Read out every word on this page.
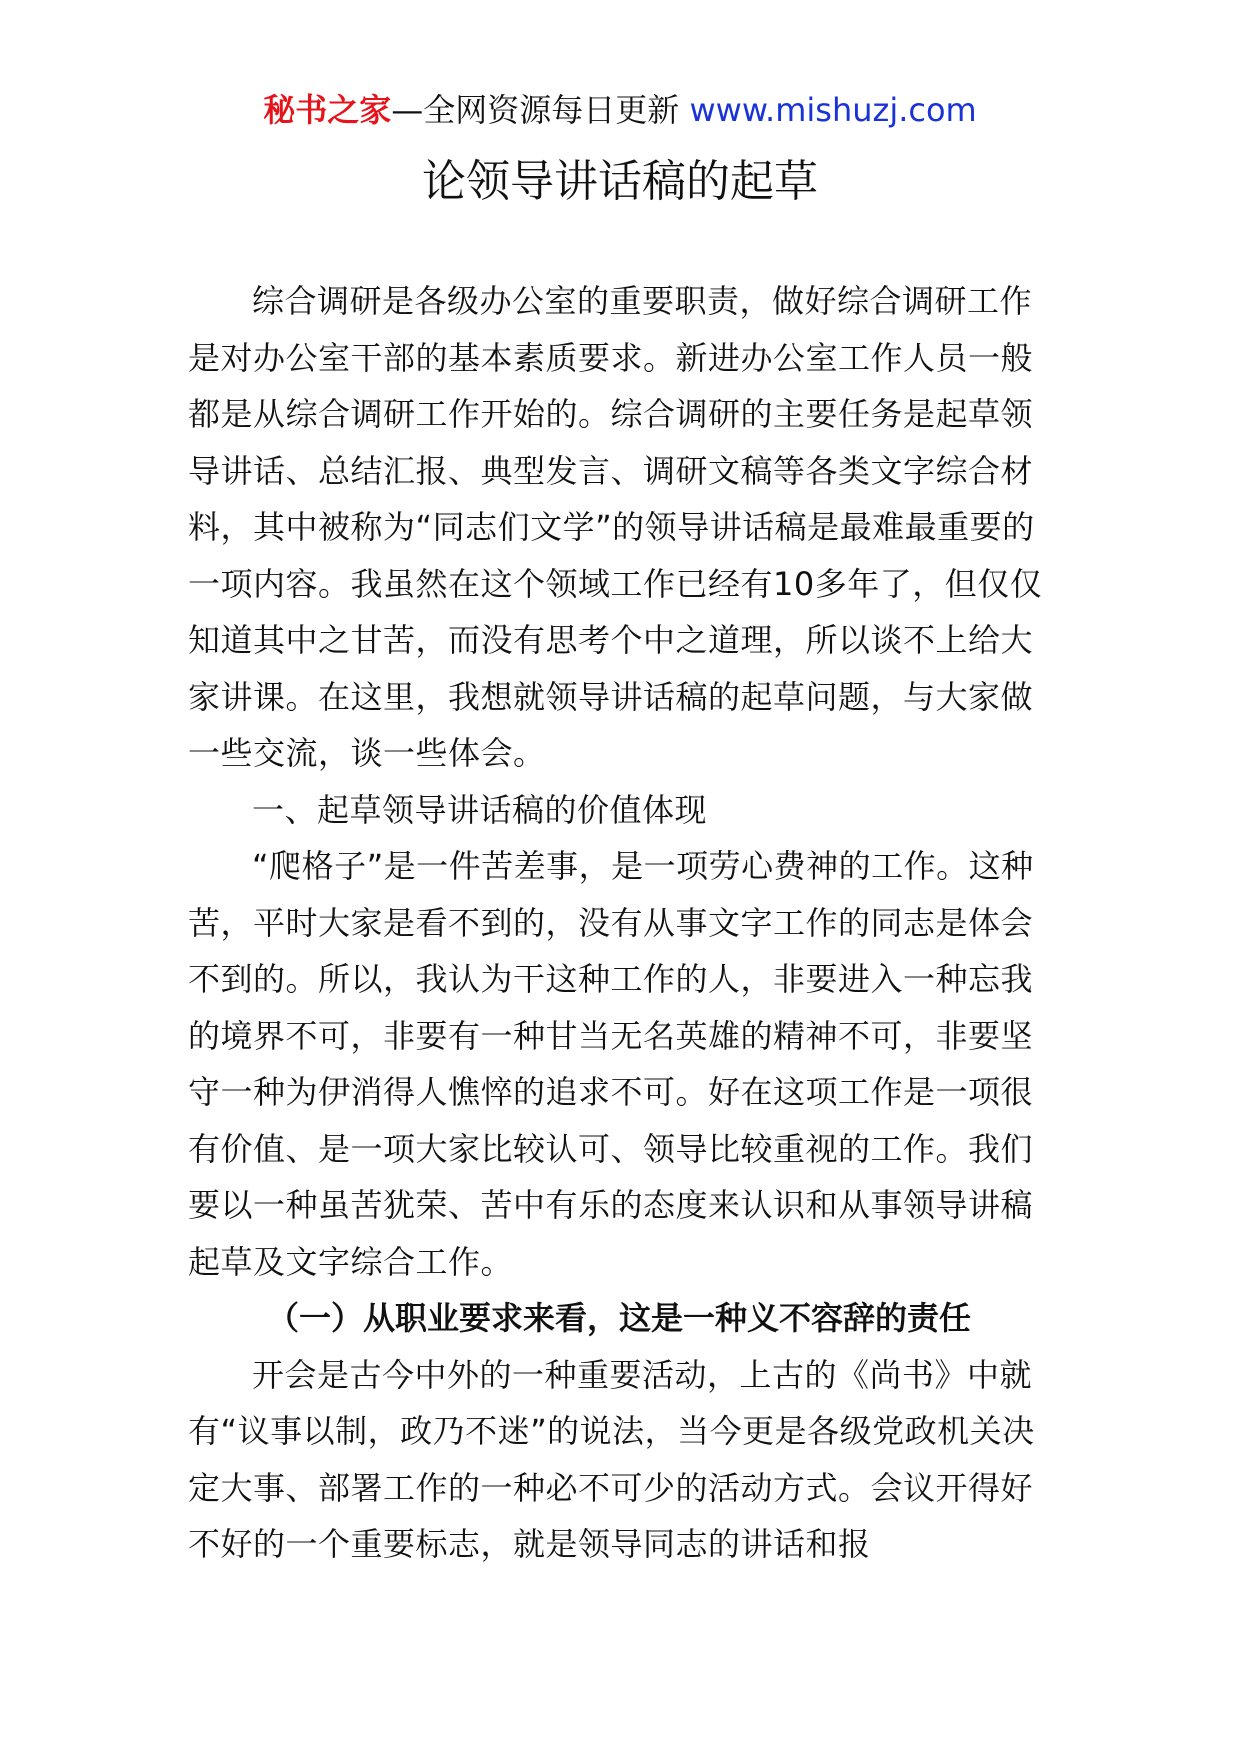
秘书之家—全网资源每日更新 www.mishuzj.com
论领导讲话稿的起草

综合调研是各级办公室的重要职责，做好综合调研工作是对办公室干部的基本素质要求。新进办公室工作人员一般都是从综合调研工作开始的。综合调研的主要任务是起草领导讲话、总结汇报、典型发言、调研文稿等各类文字综合材料，其中被称为“同志们文学”的领导讲话稿是最难最重要的一项内容。我虽然在这个领域工作已经有10多年了，但仅仅知道其中之甘苦，而没有思考个中之道理，所以谈不上给大家讲课。在这里，我想就领导讲话稿的起草问题，与大家做一些交流，谈一些体会。

一、起草领导讲话稿的价值体现

“爬格子”是一件苦差事，是一项劳心费神的工作。这种苦，平时大家是看不到的，没有从事文字工作的同志是体会不到的。所以，我认为干这种工作的人，非要进入一种忘我的境界不可，非要有一种甘当无名英雄的精神不可，非要坚守一种为伊消得人憔悴的追求不可。好在这项工作是一项很有价值、是一项大家比较认可、领导比较重视的工作。我们要以一种虽苦犹荣、苦中有乐的态度来认识和从事领导讲稿起草及文字综合工作。

（一）从职业要求来看，这是一种义不容辞的责任

开会是古今中外的一种重要活动，上古的《尚书》中就有“议事以制，政乃不迷”的说法，当今更是各级党政机关决定大事、部署工作的一种必不可少的活动方式。会议开得好不好的一个重要标志，就是领导同志的讲话和报
